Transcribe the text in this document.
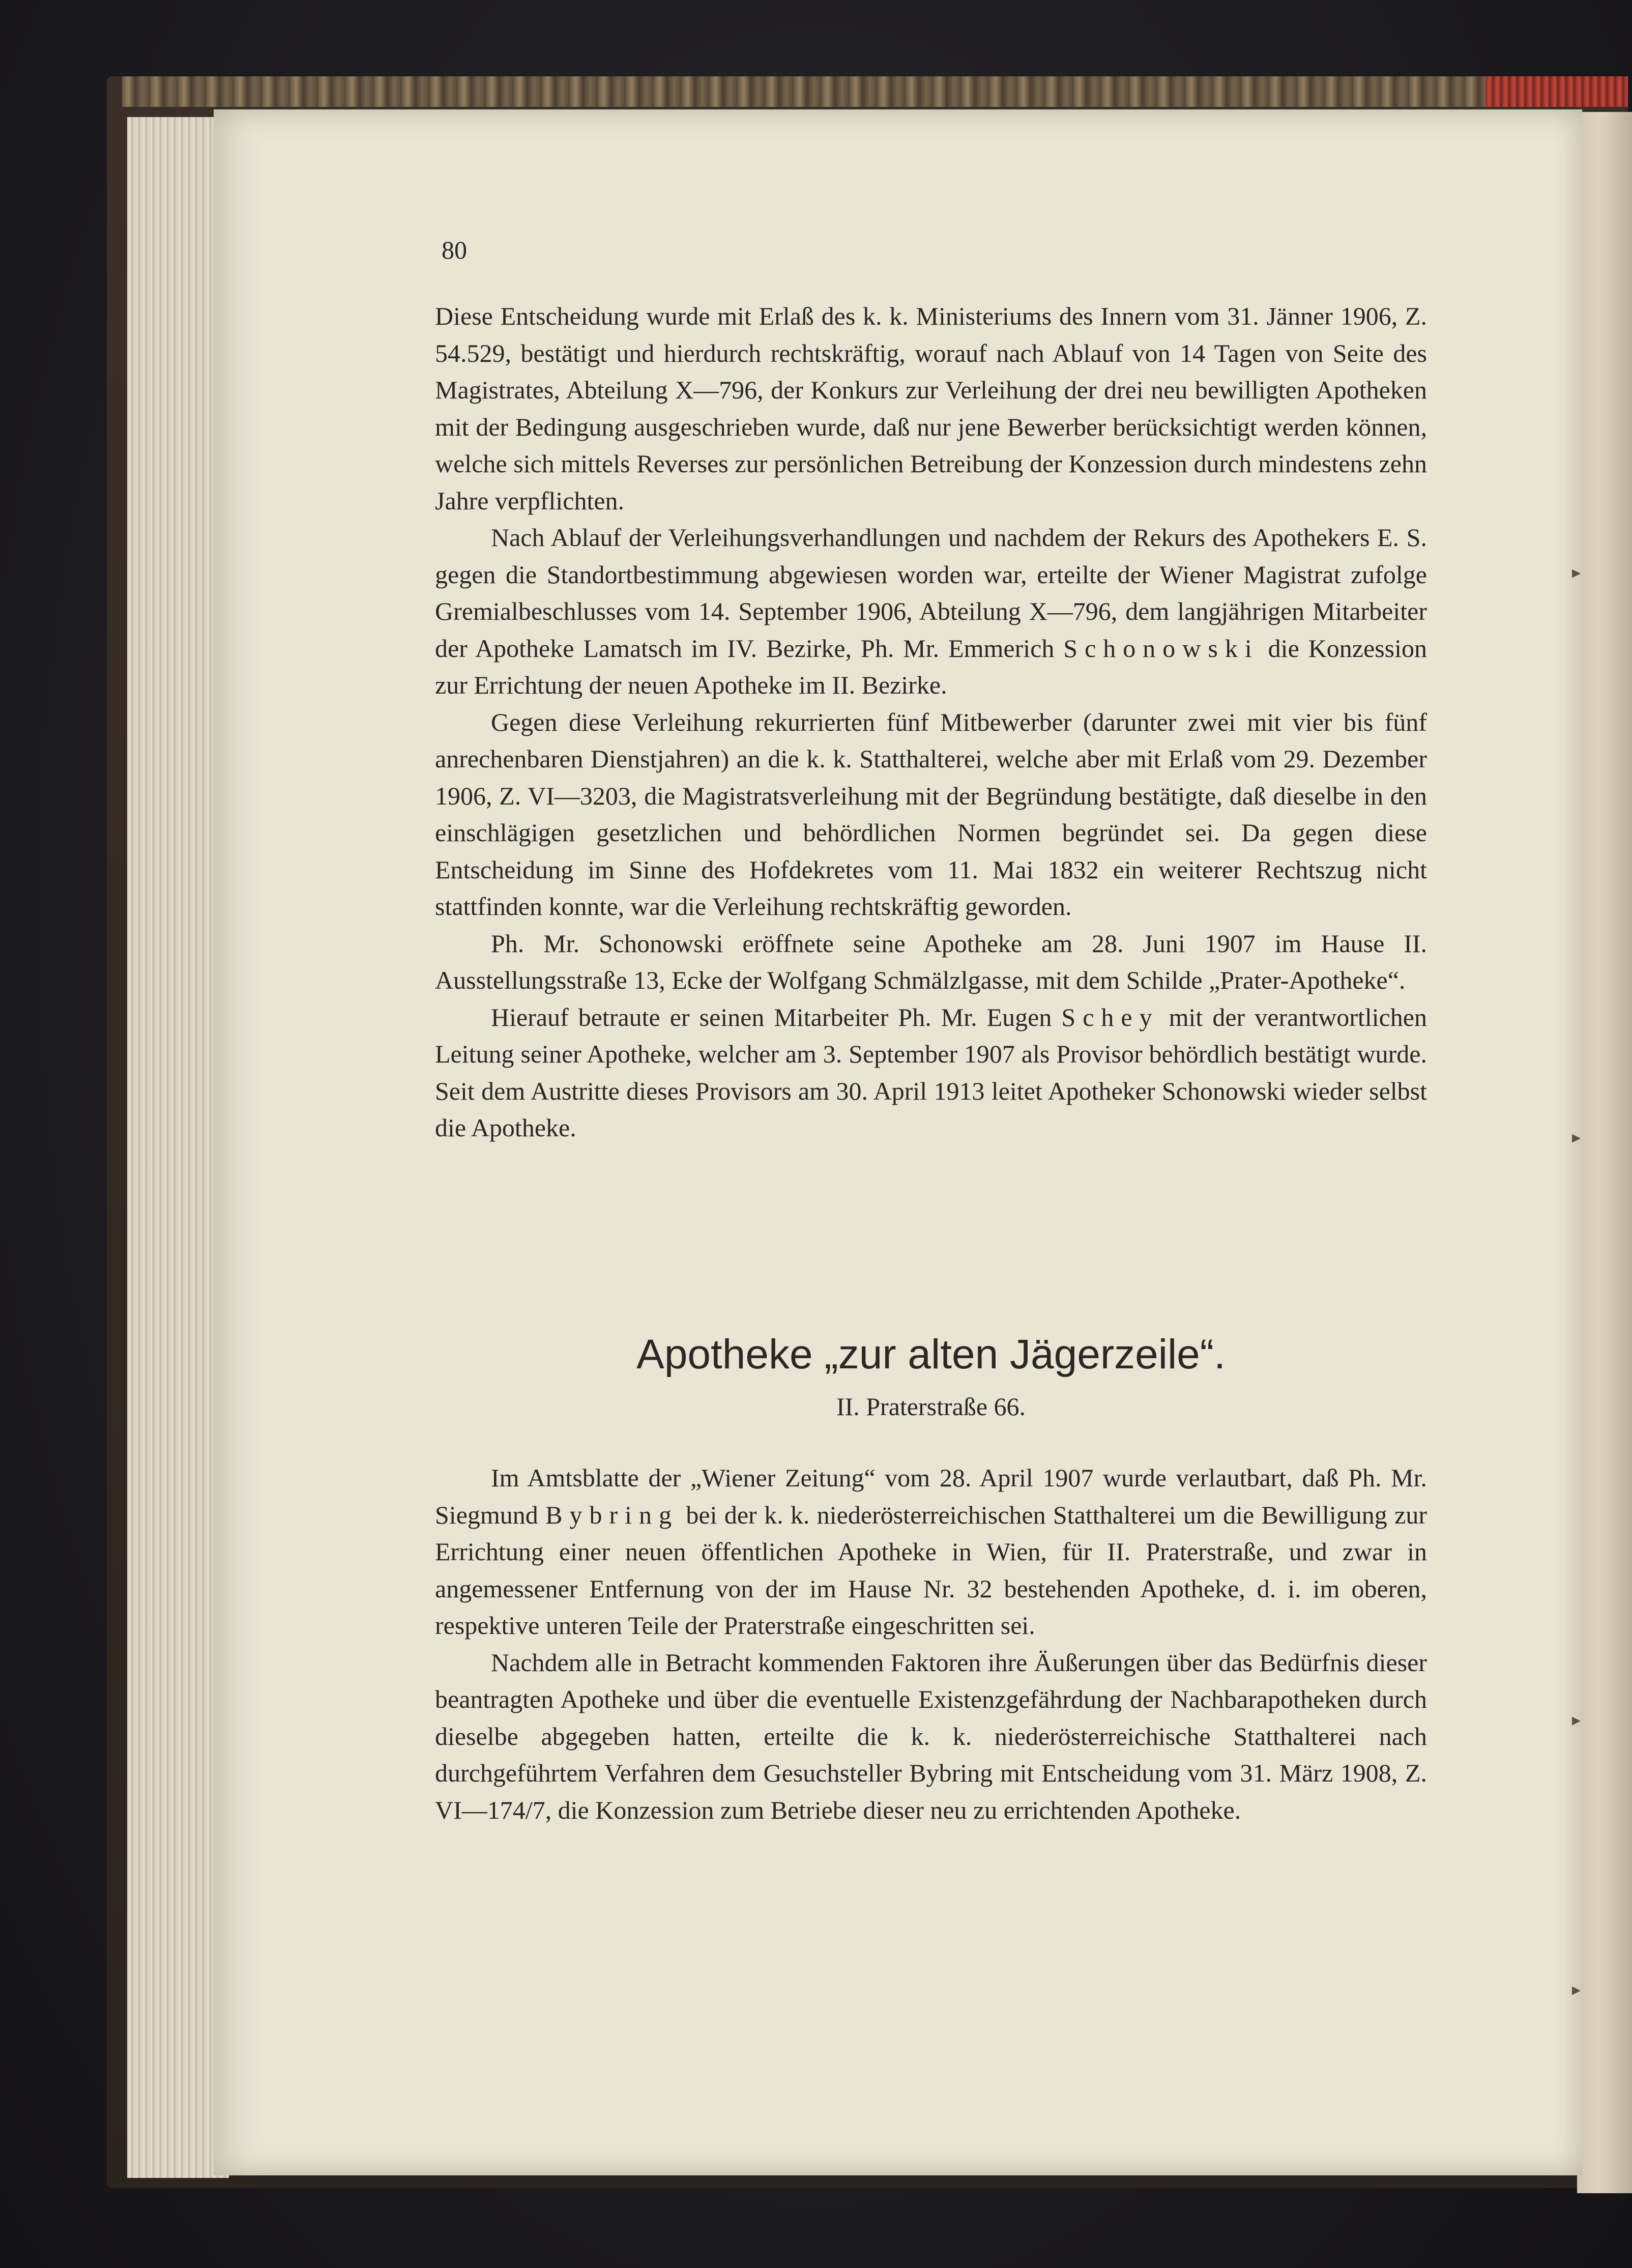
80

Diese Entscheidung wurde mit Erlaß des k. k. Ministeriums des Innern vom 31. Jänner 1906, Z. 54.529, bestätigt und hierdurch rechtskräftig, worauf nach Ablauf von 14 Tagen von Seite des Magistrates, Abteilung X—796, der Konkurs zur Verleihung der drei neu bewilligten Apotheken mit der Bedingung ausgeschrieben wurde, daß nur jene Bewerber berücksichtigt werden können, welche sich mittels Reverses zur persönlichen Betreibung der Konzession durch mindestens zehn Jahre verpflichten.

Nach Ablauf der Verleihungsverhandlungen und nachdem der Rekurs des Apothekers E. S. gegen die Standortbestimmung abgewiesen worden war, erteilte der Wiener Magistrat zufolge Gremialbeschlusses vom 14. September 1906, Abteilung X—796, dem langjährigen Mitarbeiter der Apotheke Lamatsch im IV. Bezirke, Ph. Mr. Emmerich Schonowski die Konzession zur Errichtung der neuen Apotheke im II. Bezirke.

Gegen diese Verleihung rekurrierten fünf Mitbewerber (darunter zwei mit vier bis fünf anrechenbaren Dienstjahren) an die k. k. Statthalterei, welche aber mit Erlaß vom 29. Dezember 1906, Z. VI—3203, die Magistratsverleihung mit der Begründung bestätigte, daß dieselbe in den einschlägigen gesetzlichen und behördlichen Normen begründet sei. Da gegen diese Entscheidung im Sinne des Hofdekretes vom 11. Mai 1832 ein weiterer Rechtszug nicht stattfinden konnte, war die Verleihung rechtskräftig geworden.

Ph. Mr. Schonowski eröffnete seine Apotheke am 28. Juni 1907 im Hause II. Ausstellungsstraße 13, Ecke der Wolfgang Schmälzlgasse, mit dem Schilde „Prater-Apotheke“.

Hierauf betraute er seinen Mitarbeiter Ph. Mr. Eugen Schey mit der verantwortlichen Leitung seiner Apotheke, welcher am 3. September 1907 als Provisor behördlich bestätigt wurde. Seit dem Austritte dieses Provisors am 30. April 1913 leitet Apotheker Schonowski wieder selbst die Apotheke.

Apotheke „zur alten Jägerzeile“.
II. Praterstraße 66.

Im Amtsblatte der „Wiener Zeitung“ vom 28. April 1907 wurde verlautbart, daß Ph. Mr. Siegmund Bybring bei der k. k. niederösterreichischen Statthalterei um die Bewilligung zur Errichtung einer neuen öffentlichen Apotheke in Wien, für II. Praterstraße, und zwar in angemessener Entfernung von der im Hause Nr. 32 bestehenden Apotheke, d. i. im oberen, respektive unteren Teile der Praterstraße eingeschritten sei.

Nachdem alle in Betracht kommenden Faktoren ihre Äußerungen über das Bedürfnis dieser beantragten Apotheke und über die eventuelle Existenzgefährdung der Nachbarapotheken durch dieselbe abgegeben hatten, erteilte die k. k. niederösterreichische Statthalterei nach durchgeführtem Verfahren dem Gesuchsteller Bybring mit Entscheidung vom 31. März 1908, Z. VI—174/7, die Konzession zum Betriebe dieser neu zu errichtenden Apotheke.

▸
▸
▸
▸
